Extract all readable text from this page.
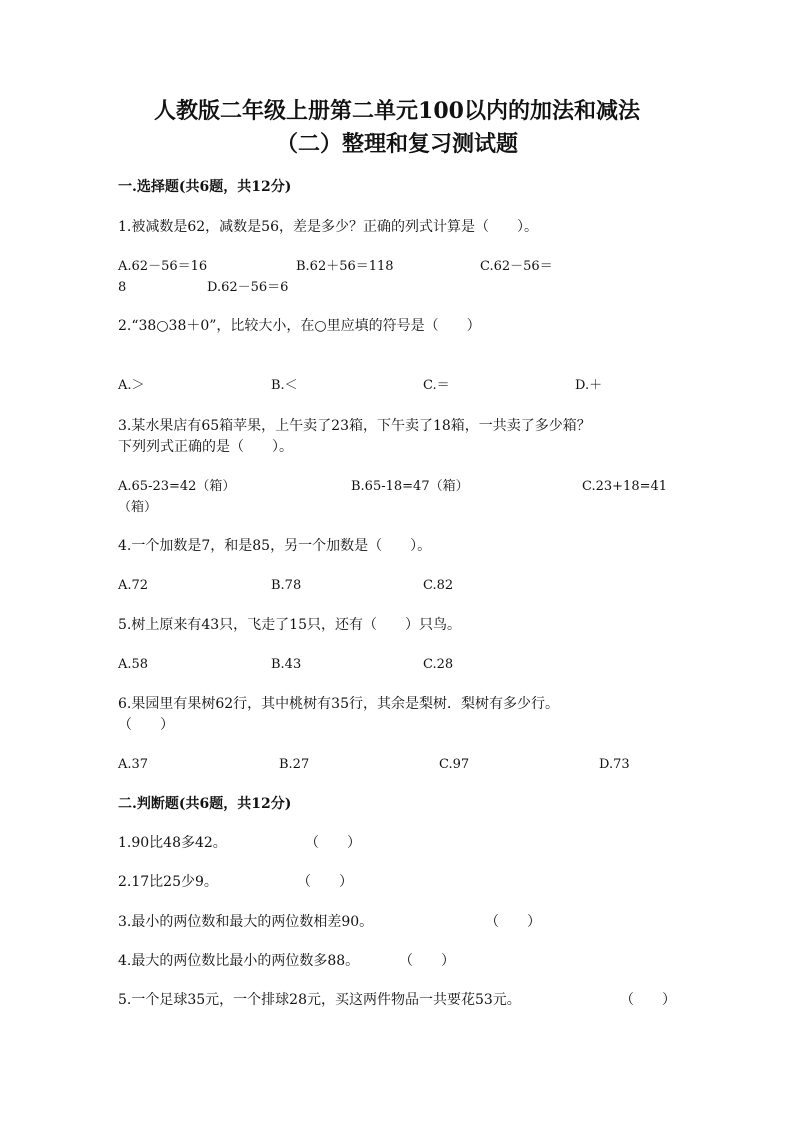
人教版二年级上册第二单元100以内的加法和减法
（二）整理和复习测试题
一.选择题(共6题，共12分)
1.被减数是62，减数是56，差是多少？正确的列式计算是（　　）。
A.62－56＝16	B.62＋56＝118	C.62－56＝
8	D.62－56＝6
2.“38○38＋0”，比较大小，在○里应填的符号是（　　）
A.＞	B.＜	C.＝	D.＋
3.某水果店有65箱苹果，上午卖了23箱，下午卖了18箱，一共卖了多少箱？
下列列式正确的是（　　）。
A.65-23=42（箱）	B.65-18=47（箱）	C.23+18=41
（箱）
4.一个加数是7，和是85，另一个加数是（　　）。
A.72	B.78	C.82
5.树上原来有43只，飞走了15只，还有（　　）只鸟。
A.58	B.43	C.28
6.果园里有果树62行，其中桃树有35行，其余是梨树．梨树有多少行。
（　　）
A.37	B.27	C.97	D.73
二.判断题(共6题，共12分)
1.90比48多42。	（　　）
2.17比25少9。	（　　）
3.最小的两位数和最大的两位数相差90。	（　　）
4.最大的两位数比最小的两位数多88。	（　　）
5.一个足球35元，一个排球28元，买这两件物品一共要花53元。	（　　）
